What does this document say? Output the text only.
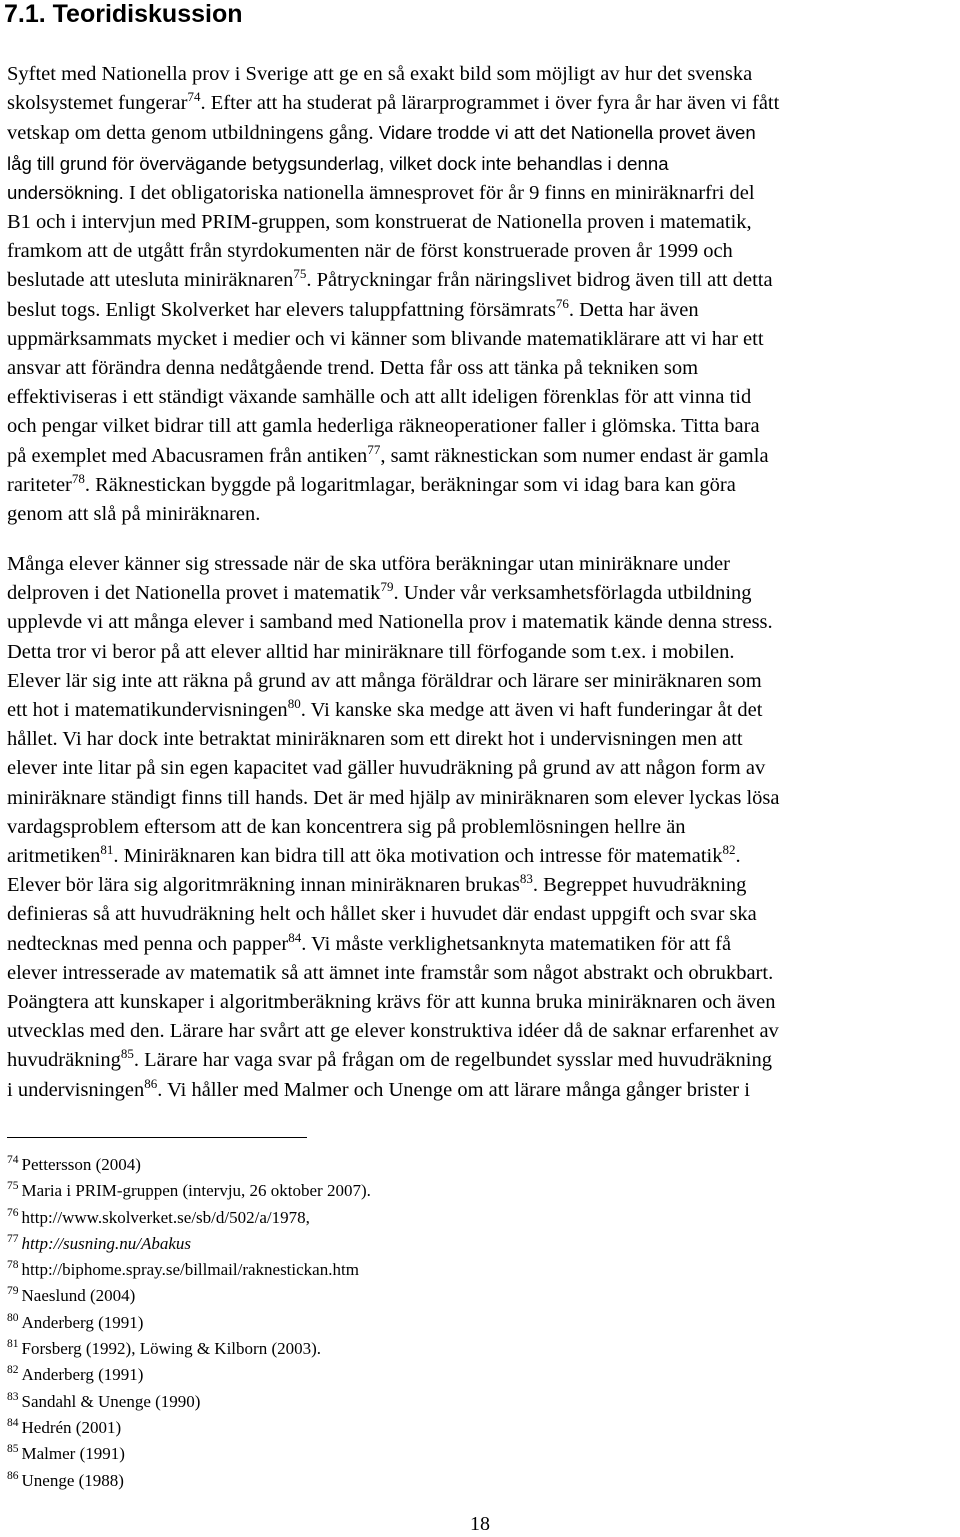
7.1. Teoridiskussion
Syftet med Nationella prov i Sverige att ge en så exakt bild som möjligt av hur det svenska
skolsystemet fungerar$^{74}$. Efter att ha studerat på lärarprogrammet i över fyra år har även vi fått
vetskap om detta genom utbildningens gång. Vidare trodde vi att det Nationella provet även
låg till grund för övervägande betygsunderlag, vilket dock inte behandlas i denna
undersökning. I det obligatoriska nationella ämnesprovet för år 9 finns en miniräknarfri del
B1 och i intervjun med PRIM-gruppen, som konstruerat de Nationella proven i matematik,
framkom att de utgått från styrdokumenten när de först konstruerade proven år 1999 och
beslutade att utesluta miniräknaren$^{75}$. Påtryckningar från näringslivet bidrog även till att detta
beslut togs. Enligt Skolverket har elevers taluppfattning försämrats$^{76}$. Detta har även
uppmärksammats mycket i medier och vi känner som blivande matematiklärare att vi har ett
ansvar att förändra denna nedåtgående trend. Detta får oss att tänka på tekniken som
effektiviseras i ett ständigt växande samhälle och att allt ideligen förenklas för att vinna tid
och pengar vilket bidrar till att gamla hederliga räkneoperationer faller i glömska. Titta bara
på exemplet med Abacusramen från antiken$^{77}$, samt räknestickan som numer endast är gamla
rariteter$^{78}$. Räknestickan byggde på logaritmlagar, beräkningar som vi idag bara kan göra
genom att slå på miniräknaren.
Många elever känner sig stressade när de ska utföra beräkningar utan miniräknare under
delproven i det Nationella provet i matematik$^{79}$. Under vår verksamhetsförlagda utbildning
upplevde vi att många elever i samband med Nationella prov i matematik kände denna stress.
Detta tror vi beror på att elever alltid har miniräknare till förfogande som t.ex. i mobilen.
Elever lär sig inte att räkna på grund av att många föräldrar och lärare ser miniräknaren som
ett hot i matematikundervisningen$^{80}$. Vi kanske ska medge att även vi haft funderingar åt det
hållet. Vi har dock inte betraktat miniräknaren som ett direkt hot i undervisningen men att
elever inte litar på sin egen kapacitet vad gäller huvudräkning på grund av att någon form av
miniräknare ständigt finns till hands. Det är med hjälp av miniräknaren som elever lyckas lösa
vardagsproblem eftersom att de kan koncentrera sig på problemlösningen hellre än
aritmetiken$^{81}$. Miniräknaren kan bidra till att öka motivation och intresse för matematik$^{82}$.
Elever bör lära sig algoritmräkning innan miniräknaren brukas$^{83}$. Begreppet huvudräkning
definieras så att huvudräkning helt och hållet sker i huvudet där endast uppgift och svar ska
nedtecknas med penna och papper$^{84}$. Vi måste verklighetsanknyta matematiken för att få
elever intresserade av matematik så att ämnet inte framstår som något abstrakt och obrukbart.
Poängtera att kunskaper i algoritmberäkning krävs för att kunna bruka miniräknaren och även
utvecklas med den. Lärare har svårt att ge elever konstruktiva idéer då de saknar erfarenhet av
huvudräkning$^{85}$. Lärare har vaga svar på frågan om de regelbundet sysslar med huvudräkning
i undervisningen$^{86}$. Vi håller med Malmer och Unenge om att lärare många gånger brister i
$^{74}$ Pettersson (2004)
$^{75}$ Maria i PRIM-gruppen (intervju, 26 oktober 2007).
$^{76}$ http://www.skolverket.se/sb/d/502/a/1978,
$^{77}$ http://susning.nu/Abakus
$^{78}$ http://biphome.spray.se/billmail/raknestickan.htm
$^{79}$ Naeslund (2004)
$^{80}$ Anderberg (1991)
$^{81}$ Forsberg (1992), Löwing & Kilborn (2003).
$^{82}$ Anderberg (1991)
$^{83}$ Sandahl & Unenge (1990)
$^{84}$ Hedrén (2001)
$^{85}$ Malmer (1991)
$^{86}$ Unenge (1988)
18
